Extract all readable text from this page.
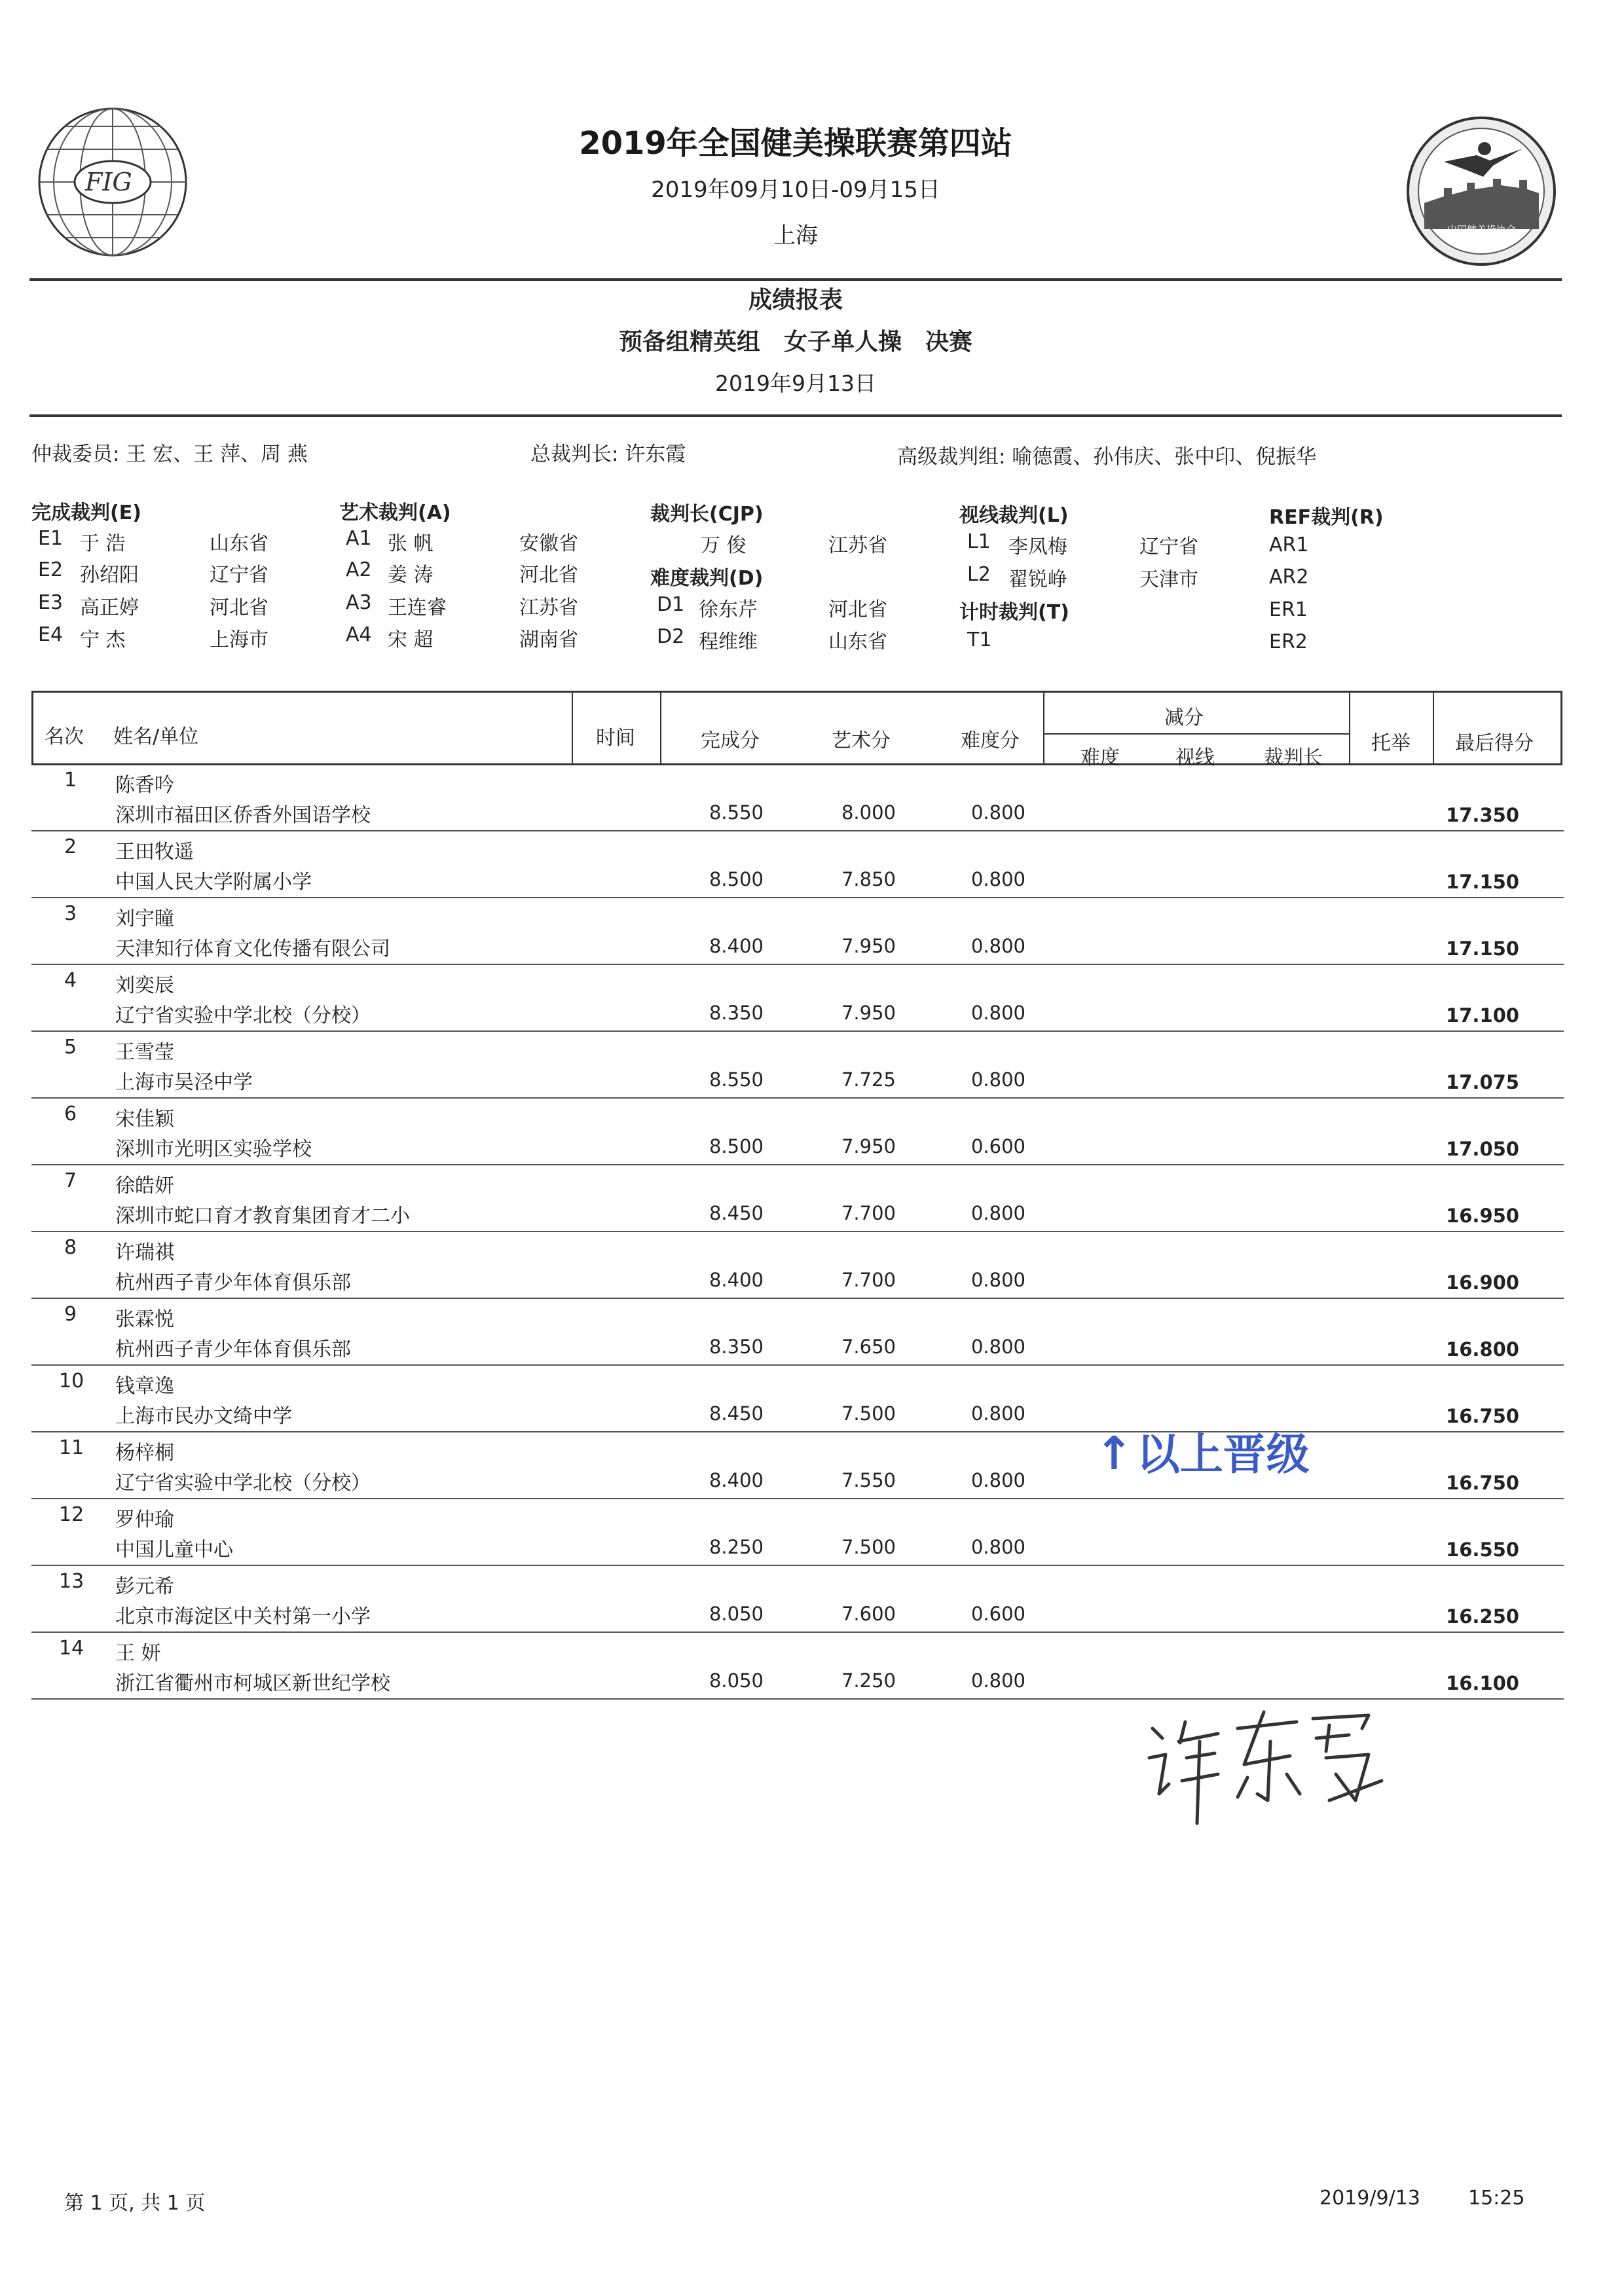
FIG
中国健美操协会
CAA
2019年全国健美操联赛第四站
2019年09月10日-09月15日
上海
成绩报表
预备组精英组　女子单人操　决赛
2019年9月13日
仲裁委员: 王 宏、王 萍、周 燕	总裁判长: 许东霞	高级裁判组: 喻德霞、孙伟庆、张中印、倪振华
完成裁判(E)
E1 于 浩	山东省
E2 孙绍阳	辽宁省
E3 高正婷	河北省
E4 宁 杰	上海市
艺术裁判(A)
A1 张 帆	安徽省
A2 姜 涛	河北省
A3 王连睿	江苏省
A4 宋 超	湖南省
裁判长(CJP)
万 俊	江苏省
难度裁判(D)
D1 徐东芹	河北省
D2 程维维	山东省
视线裁判(L)
L1 李凤梅	辽宁省
L2 翟锐峥	天津市
计时裁判(T)
T1
REF裁判(R)
AR1
AR2
ER1
ER2
名次 姓名/单位	时间	完成分	艺术分	难度分
减分
难度	视线	裁判长
托举 最后得分
1 陈香吟
深圳市福田区侨香外国语学校	8.550	8.000	0.800	17.350
2 王田牧遥
中国人民大学附属小学	8.500	7.850	0.800	17.150
3 刘宇瞳
天津知行体育文化传播有限公司	8.400	7.950	0.800	17.150
4 刘奕辰
辽宁省实验中学北校（分校）	8.350	7.950	0.800	17.100
5 王雪莹
上海市吴泾中学	8.550	7.725	0.800	17.075
6 宋佳颖
深圳市光明区实验学校	8.500	7.950	0.600	17.050
7 徐皓妍
深圳市蛇口育才教育集团育才二小	8.450	7.700	0.800	16.950
8 许瑞祺
杭州西子青少年体育俱乐部	8.400	7.700	0.800	16.900
9 张霖悦
杭州西子青少年体育俱乐部	8.350	7.650	0.800	16.800
10 钱章逸
上海市民办文绮中学	8.450	7.500	0.800	16.750
11 杨梓桐
辽宁省实验中学北校（分校）	8.400	7.550	0.800	16.750
12 罗仲瑜
中国儿童中心	8.250	7.500	0.800	16.550
13 彭元希
北京市海淀区中关村第一小学	8.050	7.600	0.600	16.250
14 王 妍
浙江省衢州市柯城区新世纪学校	8.050	7.250	0.800	16.100
↑ 以上晋级
第 1 页, 共 1 页	2019/9/13 15:25
